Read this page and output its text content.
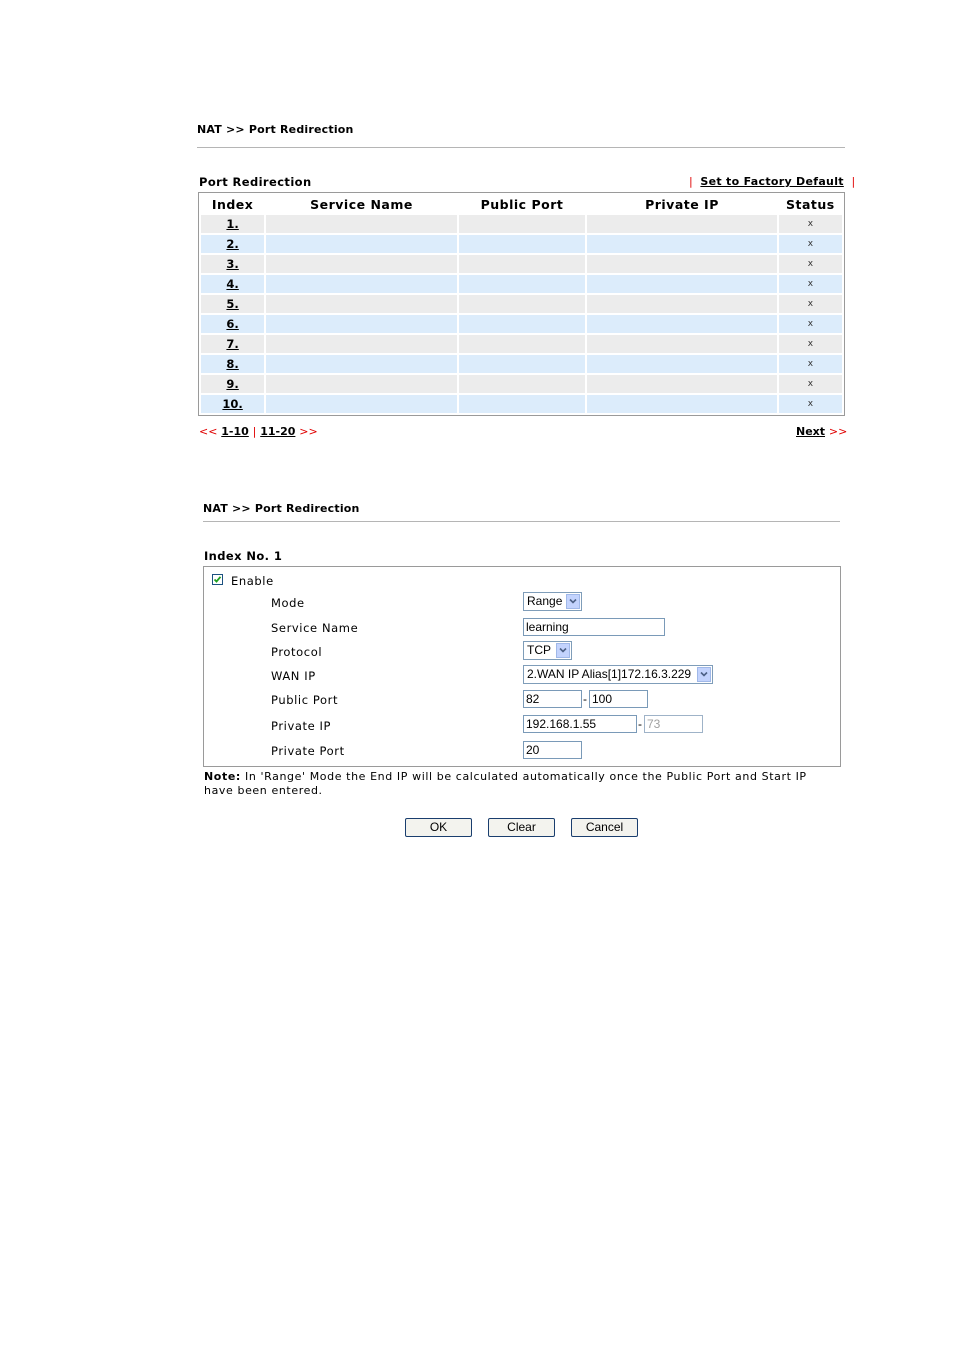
NAT >> Port Redirection
Port Redirection	| Set to Factory Default |
Index	Service Name	Public Port	Private IP	Status
1.				x
2.				x
3.				x
4.				x
5.				x
6.				x
7.				x
8.				x
9.				x
10.				x
<< 1-10 | 11-20 >>	Next >>
NAT >> Port Redirection
Index No. 1
Enable
Mode	Range
Service Name	learning
Protocol	TCP
WAN IP	2.WAN IP Alias[1]172.16.3.229
Public Port	82	- 100
Private IP	192.168.1.55	- 73
Private Port	20
Note: In 'Range' Mode the End IP will be calculated automatically once the Public Port and Start IP have been entered.
OK	Clear	Cancel
